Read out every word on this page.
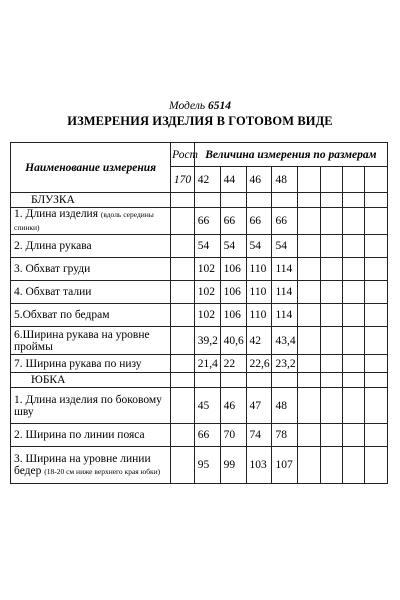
Модель 6514
ИЗМЕРЕНИЯ ИЗДЕЛИЯ В ГОТОВОМ ВИДЕ
Наименование измерения	Рост	Величина измерения по размерам							
	170	42	44	46	48				
БЛУЗКА									
1. Длина изделия (вдоль середины спинки)		66	66	66	66				
2. Длина рукава		54	54	54	54				
3. Обхват груди		102	106	110	114				
4. Обхват талии		102	106	110	114				
5.Обхват по бедрам		102	106	110	114				
6.Ширина рукава на уровне проймы		39,2	40,6	42	43,4				
7. Ширина рукава по низу		21,4	22	22,6	23,2				
ЮБКА									
1. Длина изделия по боковому шву		45	46	47	48				
2. Ширина по линии пояса		66	70	74	78				
3. Ширина на уровне линии бедер (18-20 см ниже верхнего края юбки)		95	99	103	107				
